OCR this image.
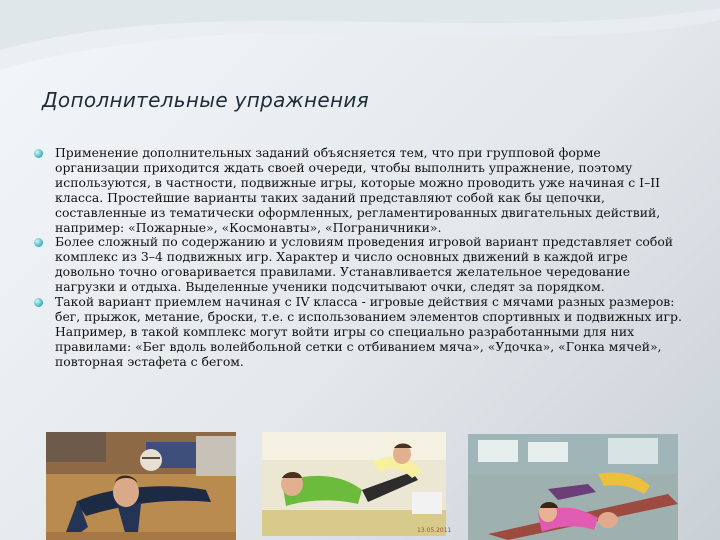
Дополнительные упражнения
Применение дополнительных заданий объясняется тем, что при групповой форме организации приходится ждать своей очереди, чтобы выполнить упражнение, поэтому используются, в частности, подвижные игры, которые можно проводить уже начиная с I–II класса. Простейшие варианты таких заданий представляют собой как бы цепочки, составленные из тематически оформленных, регламентированных двигательных действий, например: «Пожарные», «Космонавты», «Пограничники».
Более сложный по содержанию и условиям проведения игровой вариант представляет собой комплекс из 3–4 подвижных игр. Характер и число основных движений в каждой игре довольно точно оговаривается правилами. Устанавливается желательное чередование нагрузки и отдыха. Выделенные ученики подсчитывают очки, следят за порядком.
Такой вариант приемлем начиная с IV класса - игровые действия с мячами разных размеров: бег, прыжок, метание, броски, т.е. с использованием элементов спортивных и подвижных игр. Например, в такой комплекс могут войти игры со специально разработанными для них правилами: «Бег вдоль волейбольной сетки с отбиванием мяча», «Удочка», «Гонка мячей», повторная эстафета с бегом.
13.05.2011
